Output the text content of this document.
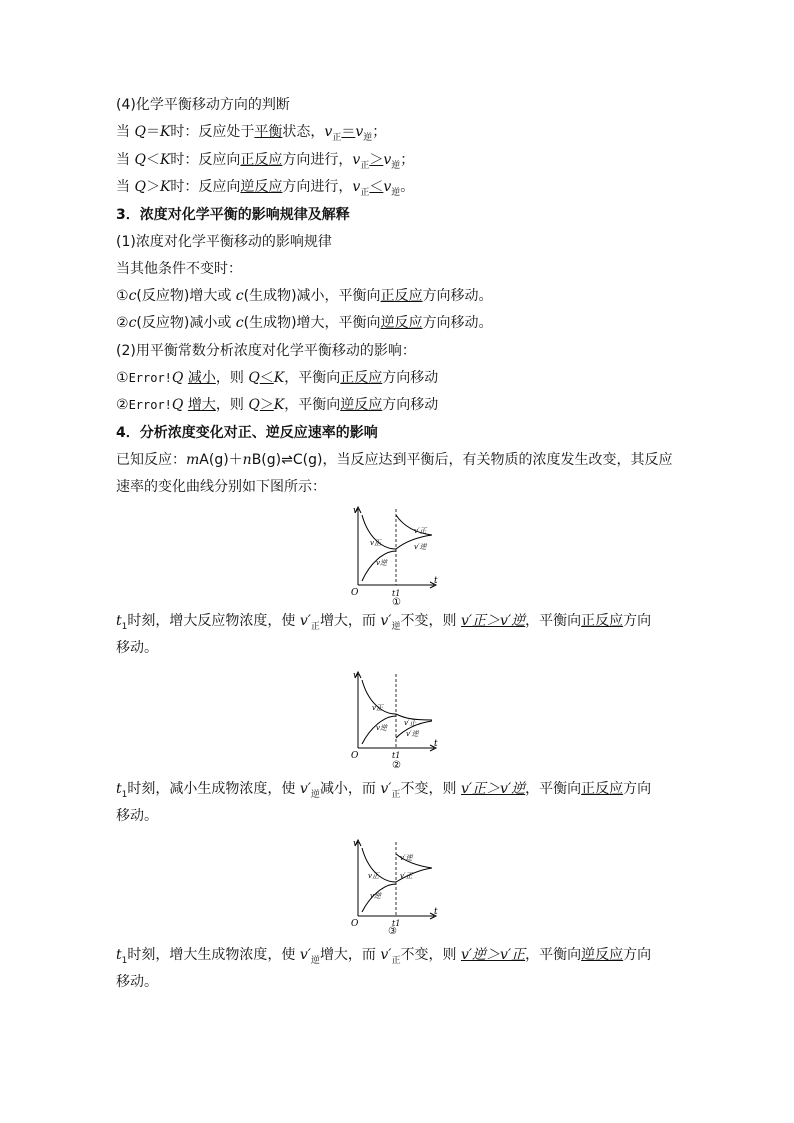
(4)化学平衡移动方向的判断
当 Q＝K时：反应处于平衡状态，$v_正=v_逆$；
当 Q＜K时：反应向正反应方向进行，$v_正>v_逆$；
当 Q＞K时：反应向逆反应方向进行，$v_正<v_逆$。
3．浓度对化学平衡的影响规律及解释
(1)浓度对化学平衡移动的影响规律
当其他条件不变时：
①c(反应物)增大或 c(生成物)减小，平衡向正反应方向移动。
②c(反应物)减小或 c(生成物)增大，平衡向逆反应方向移动。
(2)用平衡常数分析浓度对化学平衡移动的影响：
①Error!Q 减小，则 Q＜K，平衡向正反应方向移动
②Error!Q 增大，则 Q＞K，平衡向逆反应方向移动
4．分析浓度变化对正、逆反应速率的影响
已知反应：mA(g)＋nB(g)⇌C(g)，当反应达到平衡后，有关物质的浓度发生改变，其反应
速率的变化曲线分别如下图所示：
v
t
O	t1
v′正
v′逆
v正
v逆
①
$t_1$时刻，增大反应物浓度，使 $v'_正$增大，而 $v'_逆$不变，则 v′正＞v′逆，平衡向正反应方向
移动。
v
t
O	t1
v′正
v′逆
v正
v逆
②
$t_1$时刻，减小生成物浓度，使 $v'_逆$减小，而 $v'_正$不变，则 v′正＞v′逆，平衡向正反应方向
移动。
v
t
O	t1
v′逆
v′正
v正
v逆
$t_1$时刻，增大生成物浓度，使 $v'_逆$增大，而 $v'_正$不变，则 v′逆＞v′正，平衡向逆反应方向
移动。
③
